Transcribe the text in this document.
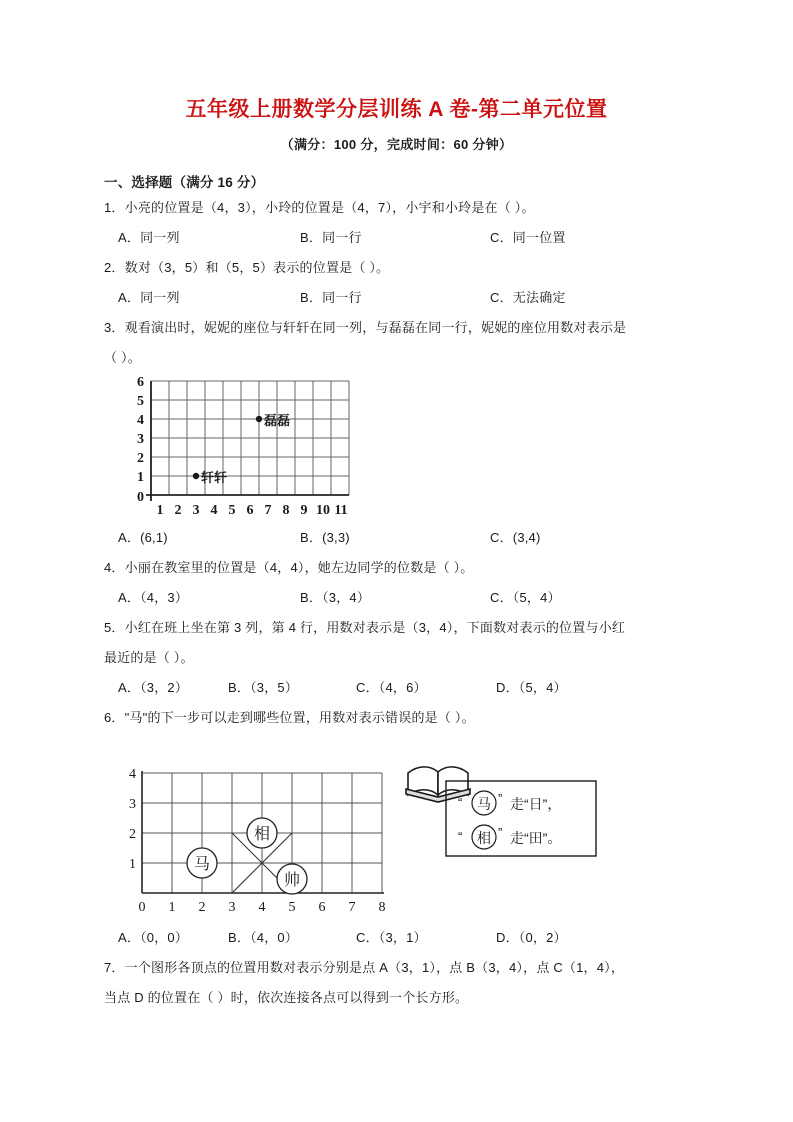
五年级上册数学分层训练 A 卷-第二单元位置
（满分：100 分，完成时间：60 分钟）
一、选择题（满分 16 分）
1．小亮的位置是（4，3），小玲的位置是（4，7），小宇和小玲是在（ ）。
A．同一列	B．同一行	C．同一位置
2．数对（3，5）和（5，5）表示的位置是（ ）。
A．同一列	B．同一行	C．无法确定
3．观看演出时，妮妮的座位与轩轩在同一列，与磊磊在同一行，妮妮的座位用数对表示是
（ ）。
6
5
4
3
2
1
0
1 2 3 4 5 6 7 8 9 10 11
磊磊
轩轩
A．(6,1)	B．(3,3)	C．(3,4)
4．小丽在教室里的位置是（4，4），她左边同学的位数是（ ）。
A．（4，3）	B．（3，4）	C．（5，4）
5．小红在班上坐在第 3 列，第 4 行，用数对表示是（3，4），下面数对表示的位置与小红
最近的是（ ）。
A．（3，2）	B．（3，5）	C．（4，6）	D．（5，4）
6．"马"的下一步可以走到哪些位置，用数对表示错误的是（ ）。
4
3
2
1
0 1 2 3 4 5 6 7 8
马
相
帅
“ 马 ” 走“日”，
“ 相 ” 走“田”。
A．（0，0）	B．（4，0）	C．（3，1）	D．（0，2）
7．一个图形各顶点的位置用数对表示分别是点 A（3，1），点 B（3，4），点 C（1，4），
当点 D 的位置在（ ）时，依次连接各点可以得到一个长方形。
